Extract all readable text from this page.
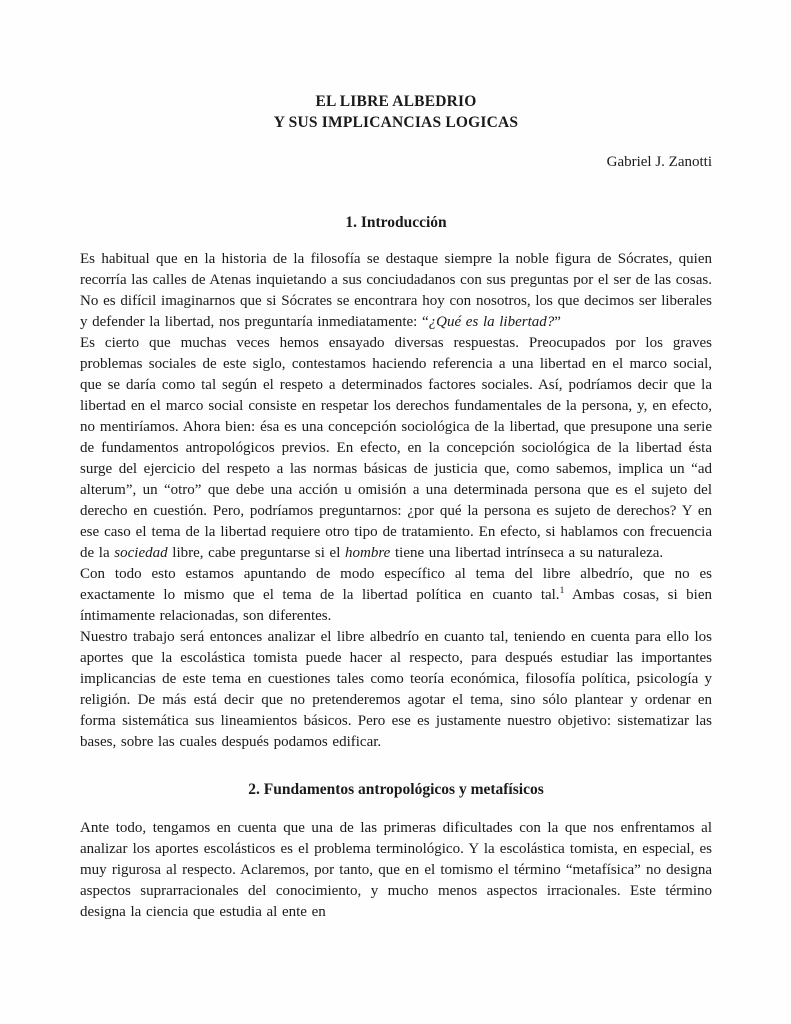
EL LIBRE ALBEDRIO
Y SUS IMPLICANCIAS LOGICAS
Gabriel J. Zanotti
1. Introducción

Es habitual que en la historia de la filosofía se destaque siempre la noble figura de Sócrates, quien recorría las calles de Atenas inquietando a sus conciudadanos con sus preguntas por el ser de las cosas. No es difícil imaginarnos que si Sócrates se encontrara hoy con nosotros, los que decimos ser liberales y defender la libertad, nos preguntaría inmediatamente: “¿Qué es la libertad?”

Es cierto que muchas veces hemos ensayado diversas respuestas. Preocupados por los graves problemas sociales de este siglo, contestamos haciendo referencia a una libertad en el marco social, que se daría como tal según el respeto a determinados factores sociales. Así, podríamos decir que la libertad en el marco social consiste en respetar los derechos fundamentales de la persona, y, en efecto, no mentiríamos. Ahora bien: ésa es una concepción sociológica de la libertad, que presupone una serie de fundamentos antropológicos previos. En efecto, en la concepción sociológica de la libertad ésta surge del ejercicio del respeto a las normas básicas de justicia que, como sabemos, implica un “ad alterum”, un “otro” que debe una acción u omisión a una determinada persona que es el sujeto del derecho en cuestión. Pero, podríamos preguntarnos: ¿por qué la persona es sujeto de derechos? Y en ese caso el tema de la libertad requiere otro tipo de tratamiento. En efecto, si hablamos con frecuencia de la sociedad libre, cabe preguntarse si el hombre tiene una libertad intrínseca a su naturaleza.

Con todo esto estamos apuntando de modo específico al tema del libre albedrío, que no es exactamente lo mismo que el tema de la libertad política en cuanto tal.$^1$ Ambas cosas, si bien íntimamente relacionadas, son diferentes.

Nuestro trabajo será entonces analizar el libre albedrío en cuanto tal, teniendo en cuenta para ello los aportes que la escolástica tomista puede hacer al respecto, para después estudiar las importantes implicancias de este tema en cuestiones tales como teoría económica, filosofía política, psicología y religión. De más está decir que no pretenderemos agotar el tema, sino sólo plantear y ordenar en forma sistemática sus lineamientos básicos. Pero ese es justamente nuestro objetivo: sistematizar las bases, sobre las cuales después podamos edificar.

2. Fundamentos antropológicos y metafísicos

Ante todo, tengamos en cuenta que una de las primeras dificultades con la que nos enfrentamos al analizar los aportes escolásticos es el problema terminológico. Y la escolástica tomista, en especial, es muy rigurosa al respecto. Aclaremos, por tanto, que en el tomismo el término “metafísica” no designa aspectos suprarracionales del conocimiento, y mucho menos aspectos irracionales. Este término designa la ciencia que estudia al ente en
